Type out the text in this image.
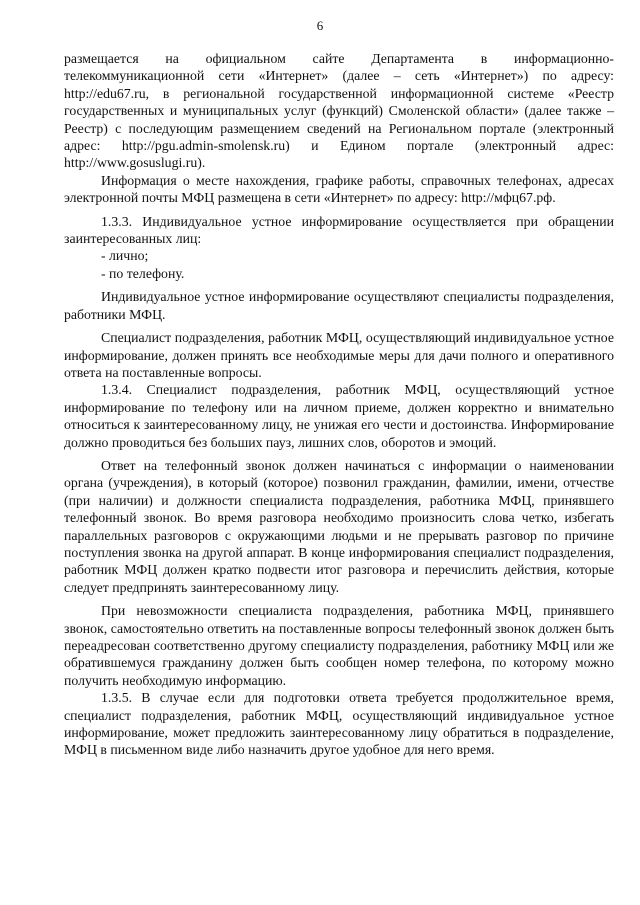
6

размещается на официальном сайте Департамента в информационно-телекоммуникационной сети «Интернет» (далее – сеть «Интернет») по адресу: http://edu67.ru, в региональной государственной информационной системе «Реестр государственных и муниципальных услуг (функций) Смоленской области» (далее также – Реестр) с последующим размещением сведений на Региональном портале (электронный адрес: http://pgu.admin-smolensk.ru) и Едином портале (электронный адрес: http://www.gosuslugi.ru).

Информация о месте нахождения, графике работы, справочных телефонах, адресах электронной почты МФЦ размещена в сети «Интернет» по адресу: http://мфц67.рф.

1.3.3. Индивидуальное устное информирование осуществляется при обращении заинтересованных лиц:

- лично;

- по телефону.

Индивидуальное устное информирование осуществляют специалисты подразделения, работники МФЦ.

Специалист подразделения, работник МФЦ, осуществляющий индивидуальное устное информирование, должен принять все необходимые меры для дачи полного и оперативного ответа на поставленные вопросы.

1.3.4. Специалист подразделения, работник МФЦ, осуществляющий устное информирование по телефону или на личном приеме, должен корректно и внимательно относиться к заинтересованному лицу, не унижая его чести и достоинства. Информирование должно проводиться без больших пауз, лишних слов, оборотов и эмоций.

Ответ на телефонный звонок должен начинаться с информации о наименовании органа (учреждения), в который (которое) позвонил гражданин, фамилии, имени, отчестве (при наличии) и должности специалиста подразделения, работника МФЦ, принявшего телефонный звонок. Во время разговора необходимо произносить слова четко, избегать параллельных разговоров с окружающими людьми и не прерывать разговор по причине поступления звонка на другой аппарат. В конце информирования специалист подразделения, работник МФЦ должен кратко подвести итог разговора и перечислить действия, которые следует предпринять заинтересованному лицу.

При невозможности специалиста подразделения, работника МФЦ, принявшего звонок, самостоятельно ответить на поставленные вопросы телефонный звонок должен быть переадресован соответственно другому специалисту подразделения, работнику МФЦ или же обратившемуся гражданину должен быть сообщен номер телефона, по которому можно получить необходимую информацию.

1.3.5. В случае если для подготовки ответа требуется продолжительное время, специалист подразделения, работник МФЦ, осуществляющий индивидуальное устное информирование, может предложить заинтересованному лицу обратиться в подразделение, МФЦ в письменном виде либо назначить другое удобное для него время.
